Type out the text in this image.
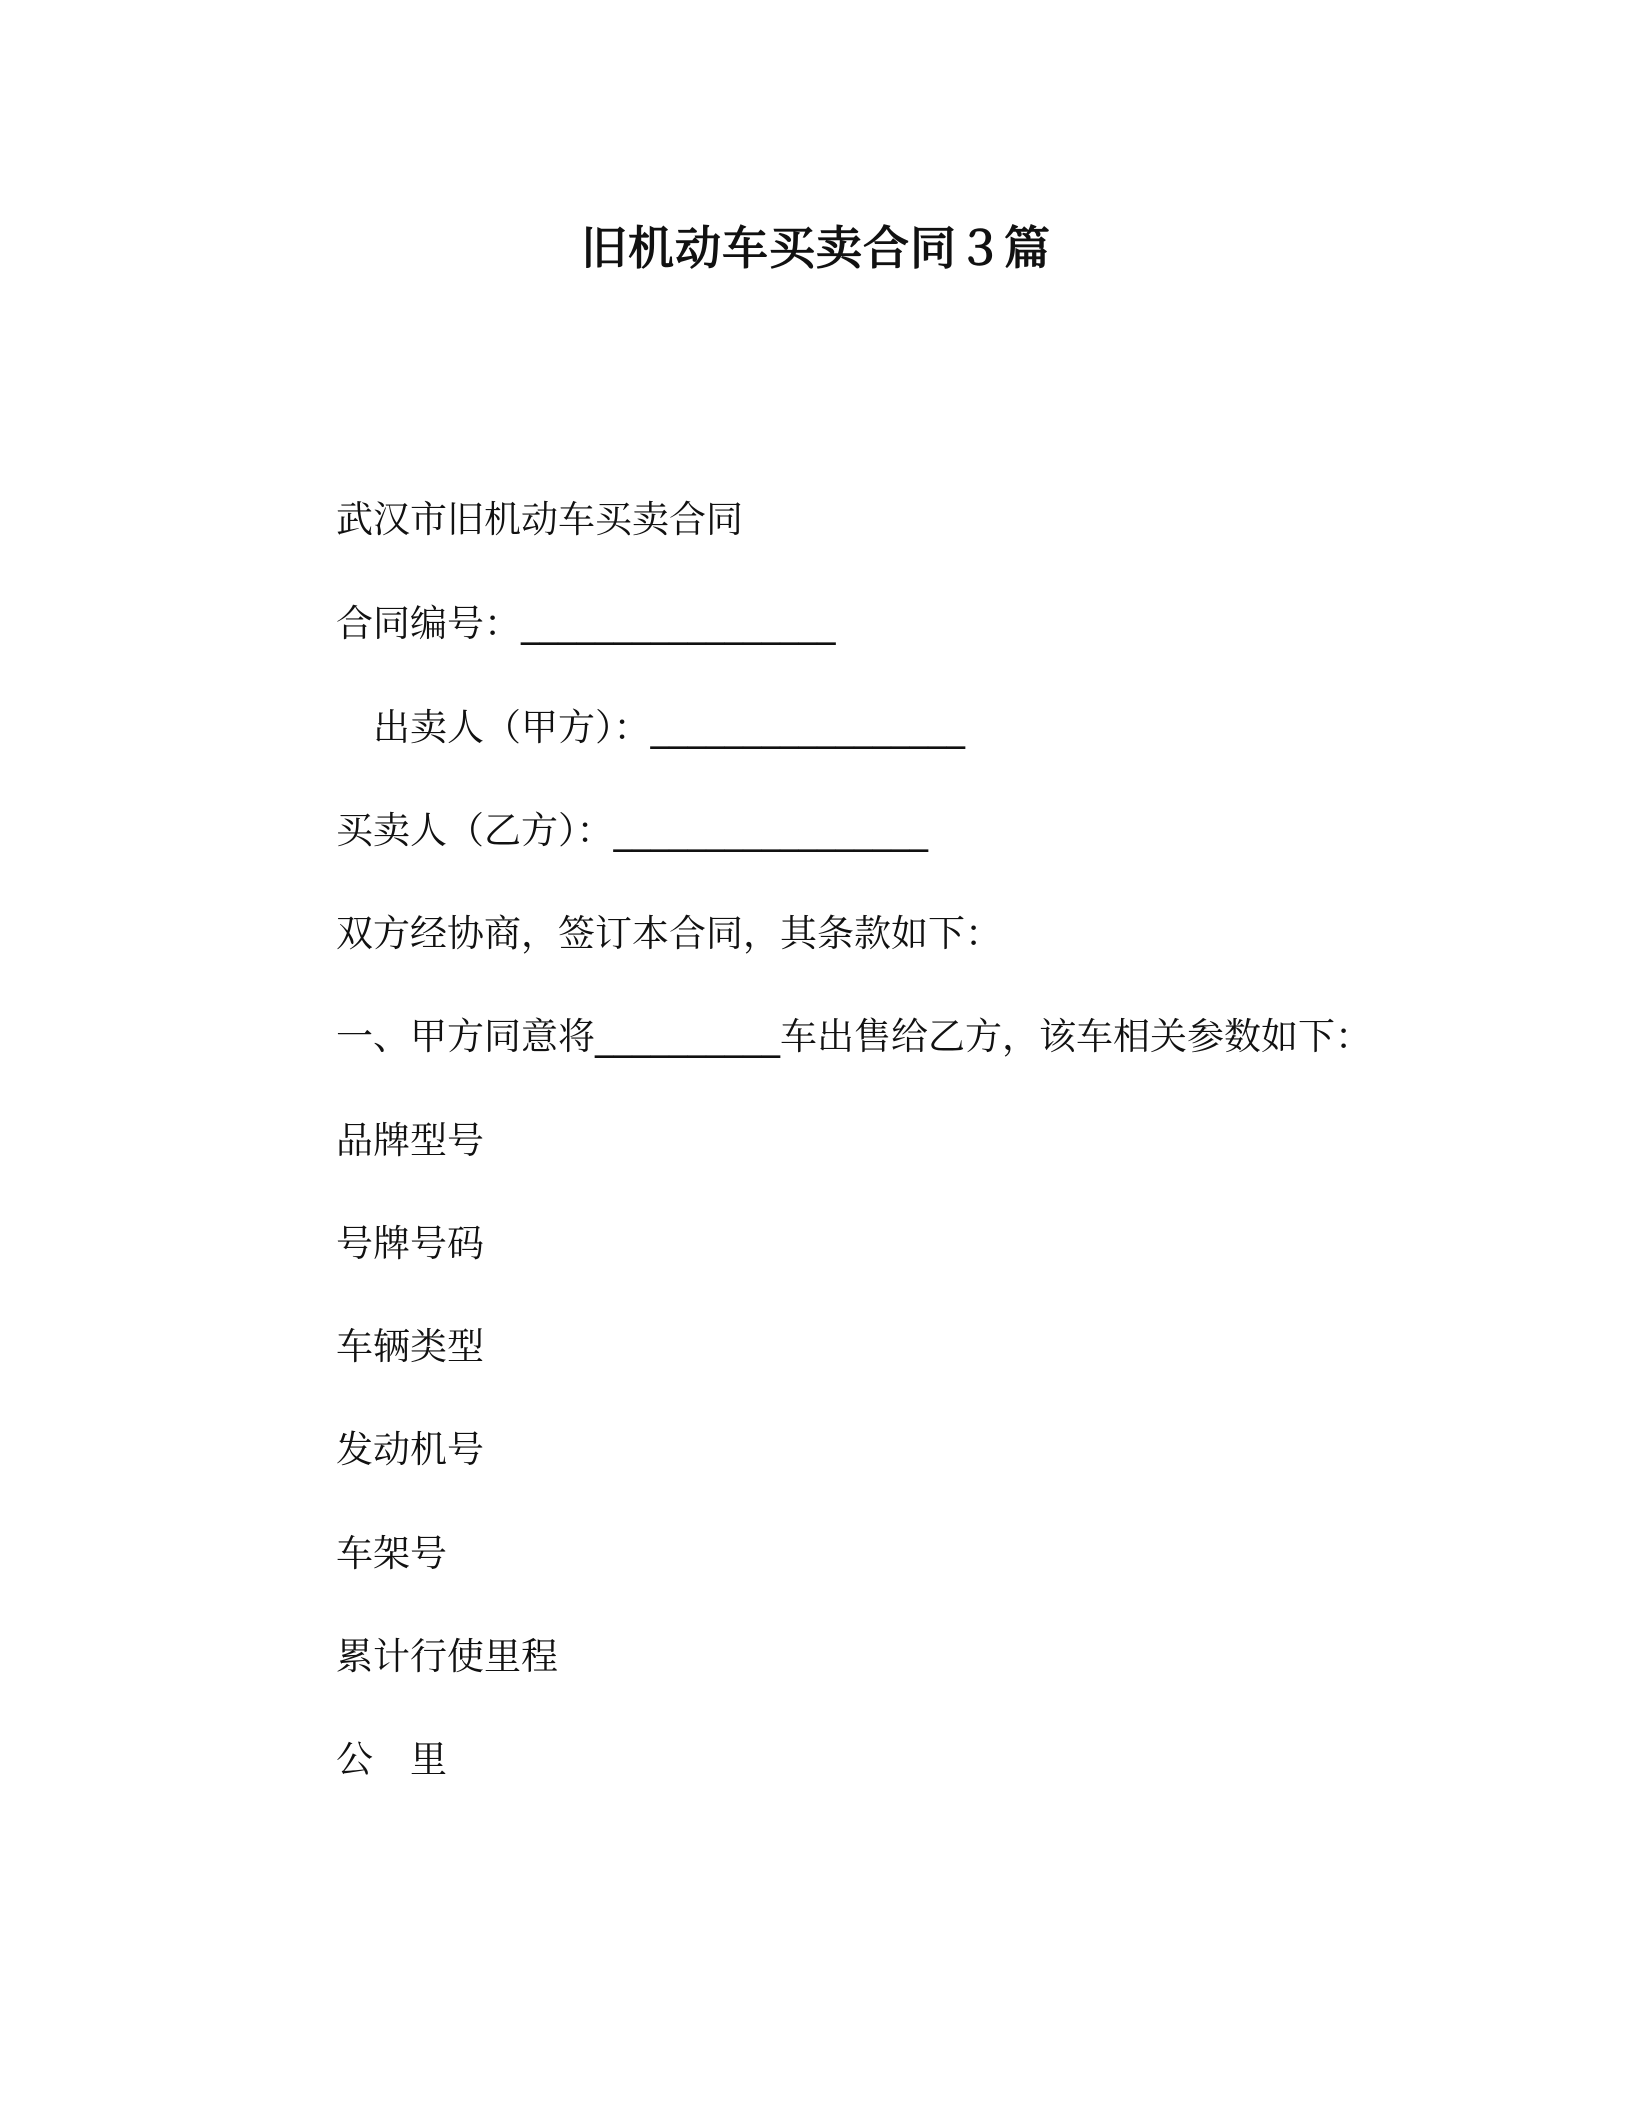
旧机动车买卖合同３篇
武汉市旧机动车买卖合同
合同编号：_________________
　出卖人（甲方）：_________________
买卖人（乙方）：_________________
双方经协商，签订本合同，其条款如下：
一、甲方同意将__________车出售给乙方，该车相关参数如下：
品牌型号
号牌号码
车辆类型
发动机号
车架号
累计行使里程
公　里
